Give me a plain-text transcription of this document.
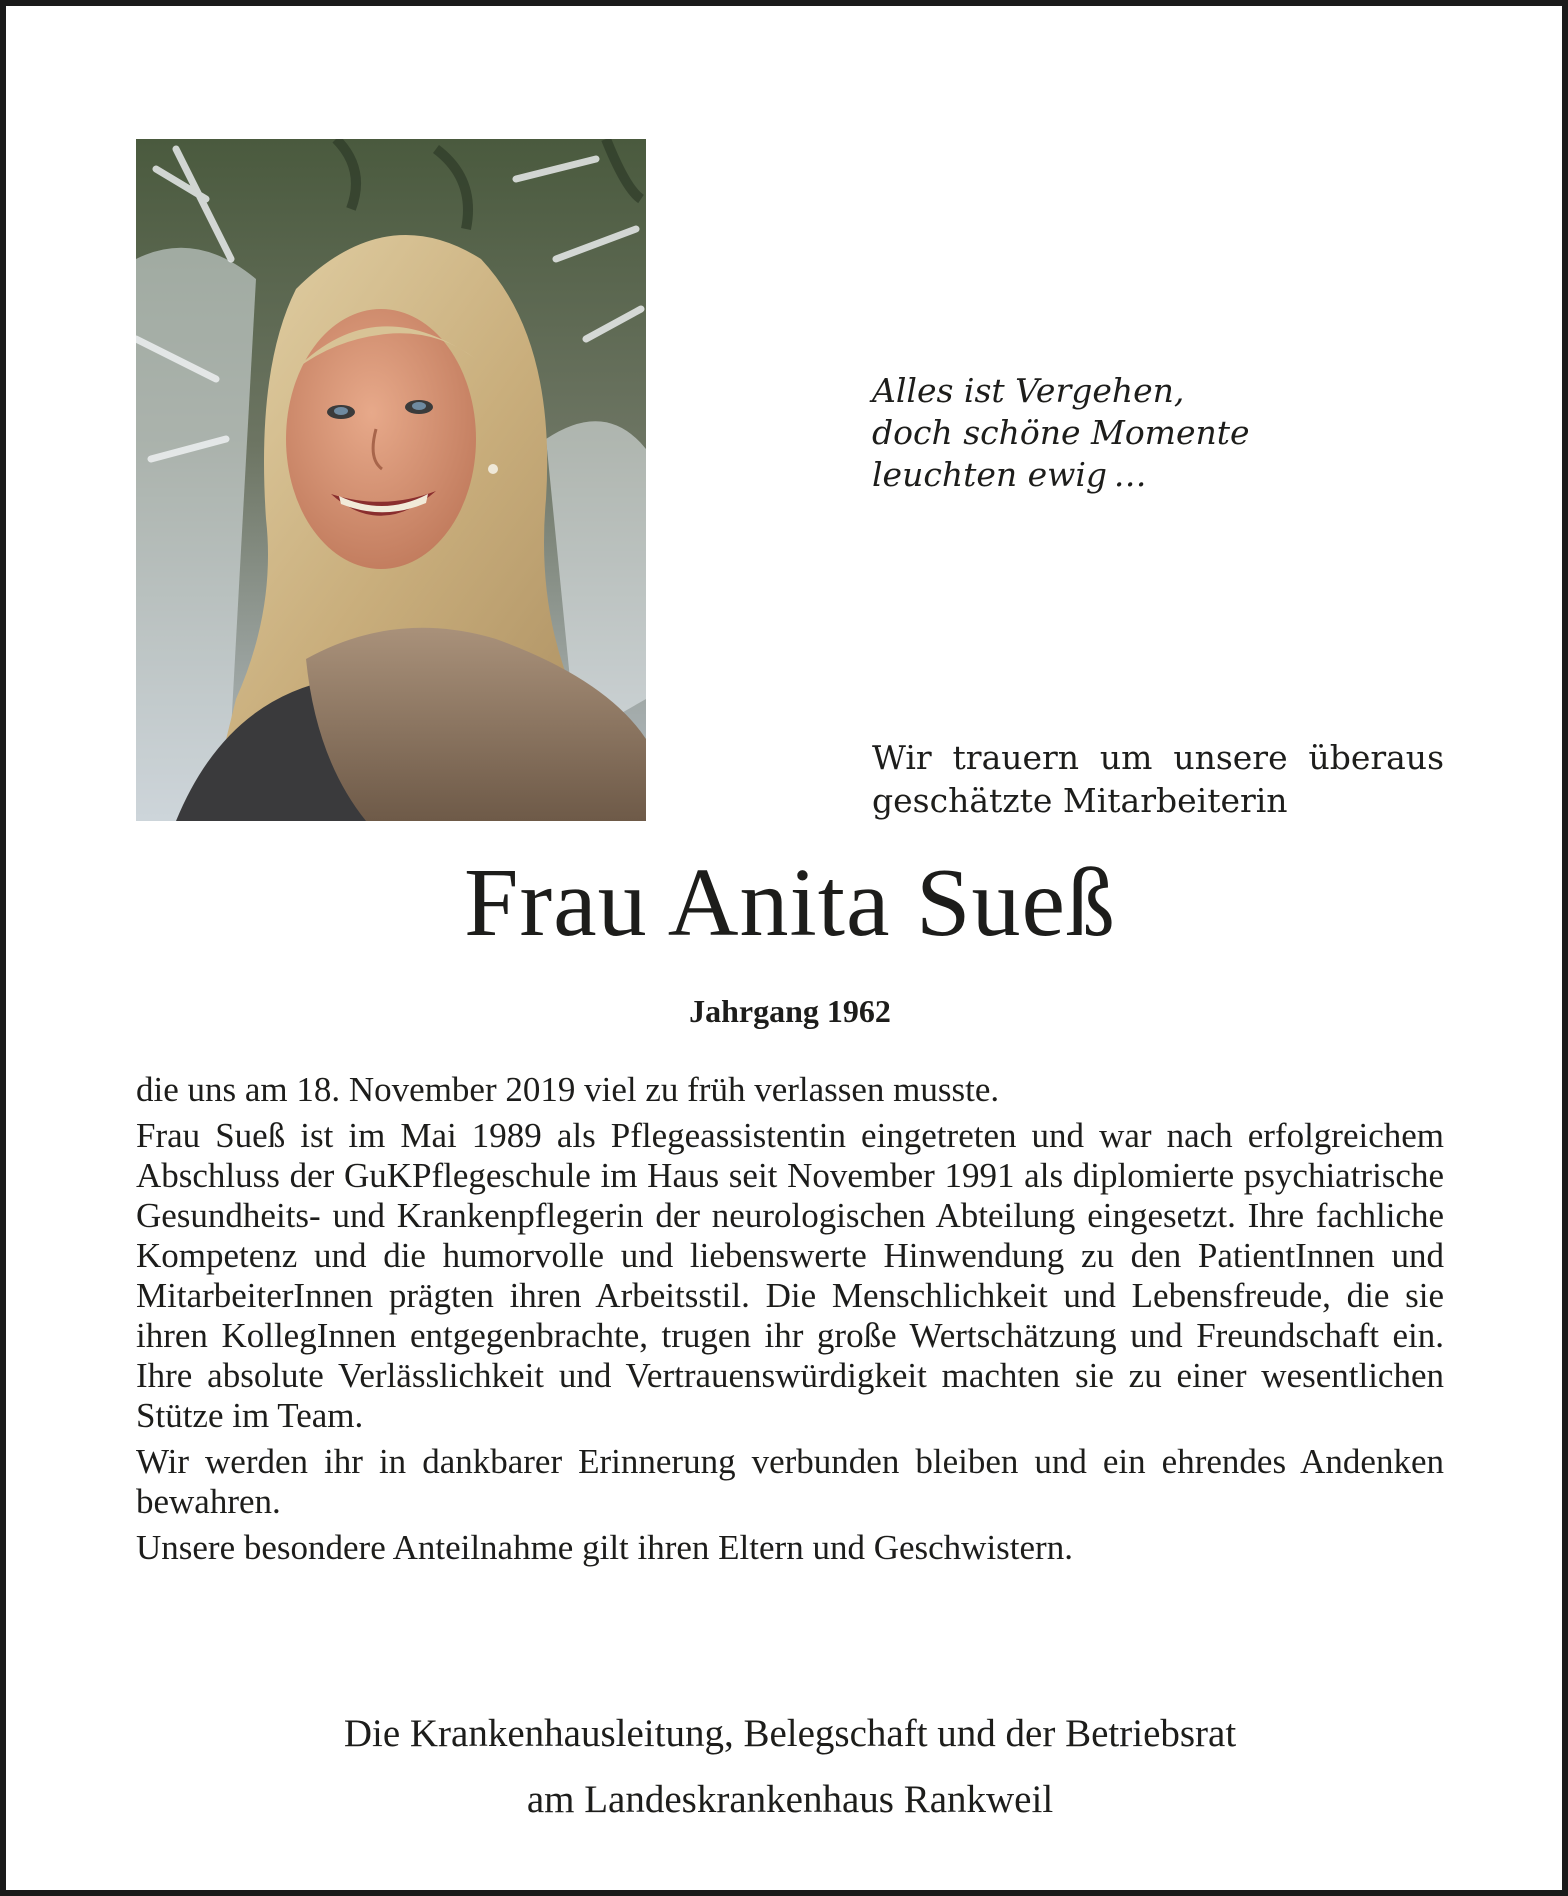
Alles ist Vergehen,
doch schöne Momente
leuchten ewig …
Wir trauern um unsere überaus geschätzte Mitarbeiterin
Frau Anita Sueß
Jahrgang 1962

die uns am 18. November 2019 viel zu früh verlassen musste.

Frau Sueß ist im Mai 1989 als Pflegeassistentin eingetreten und war nach erfolgreichem Abschluss der GuKPflegeschule im Haus seit November 1991 als diplomierte psychiatrische Gesundheits- und Krankenpflegerin der neurologischen Abteilung eingesetzt. Ihre fachliche Kompetenz und die humorvolle und liebenswerte Hinwendung zu den PatientInnen und MitarbeiterInnen prägten ihren Arbeitsstil. Die Menschlichkeit und Lebensfreude, die sie ihren KollegInnen entgegenbrachte, trugen ihr große Wertschätzung und Freundschaft ein. Ihre absolute Verlässlichkeit und Vertrauenswürdigkeit machten sie zu einer wesentlichen Stütze im Team.

Wir werden ihr in dankbarer Erinnerung verbunden bleiben und ein ehrendes Andenken bewahren.

Unsere besondere Anteilnahme gilt ihren Eltern und Geschwistern.

Die Krankenhausleitung, Belegschaft und der Betriebsrat
am Landeskrankenhaus Rankweil
